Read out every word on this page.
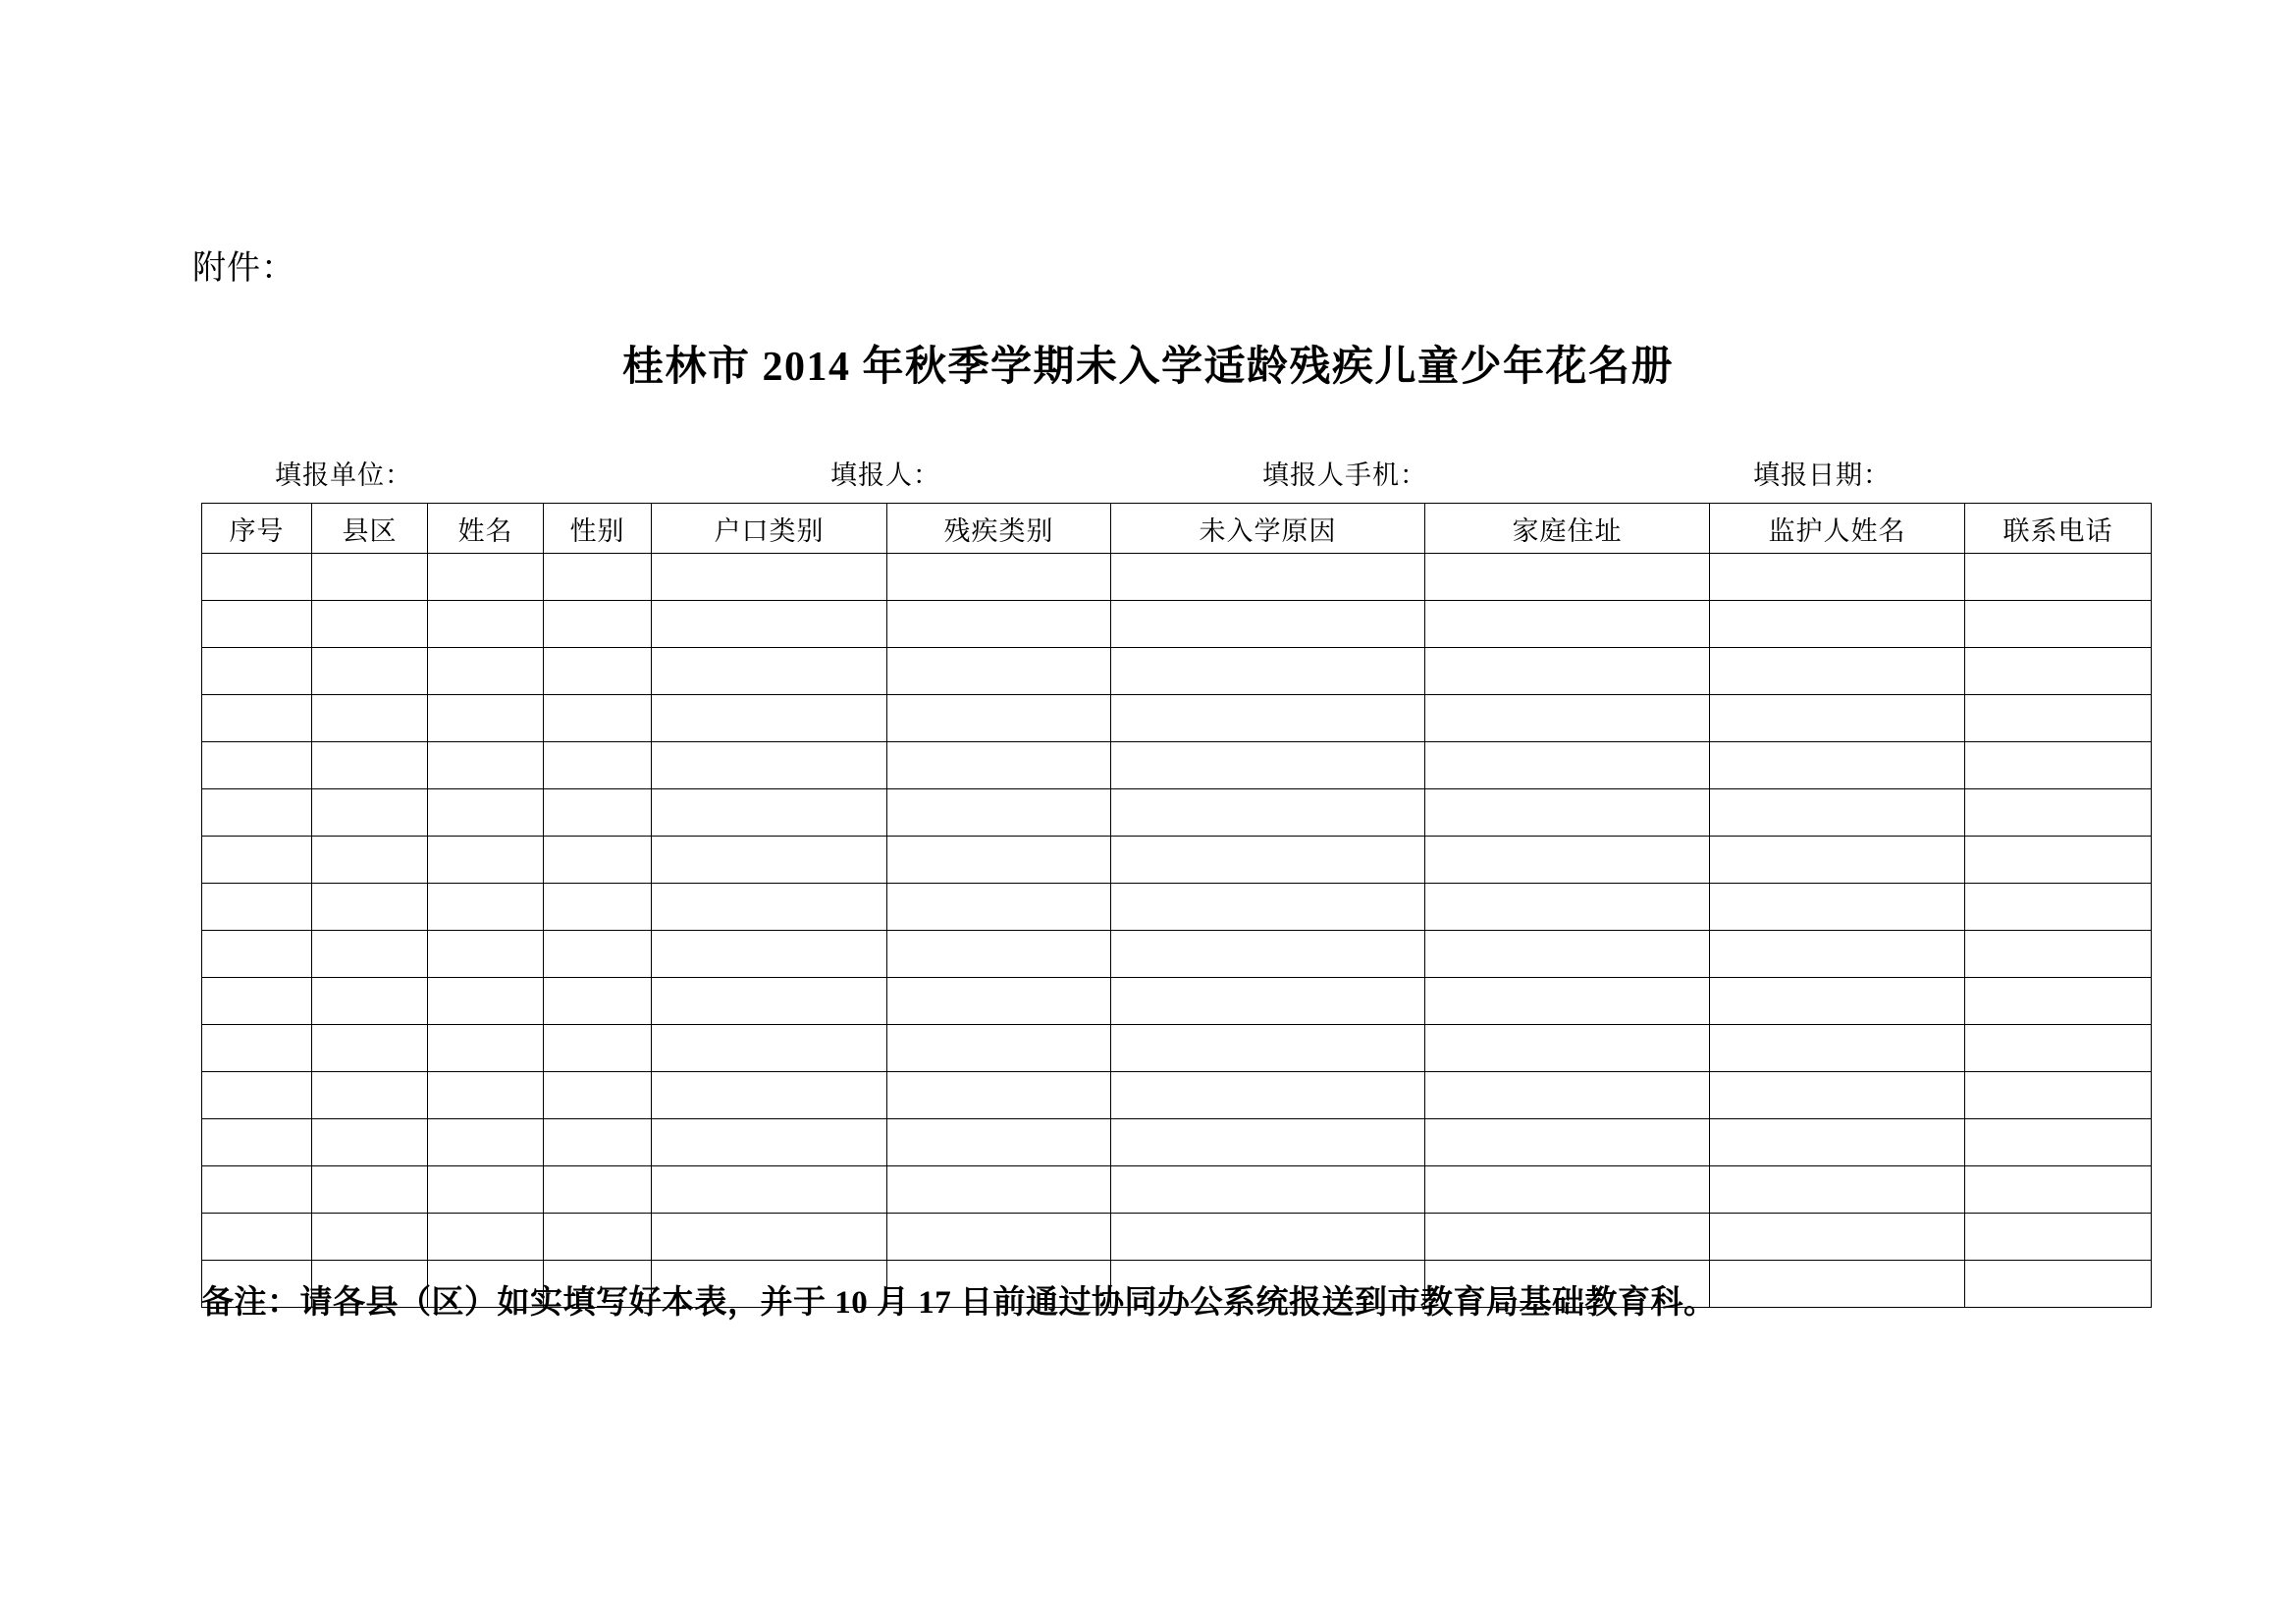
附件：
桂林市 2014 年秋季学期未入学适龄残疾儿童少年花名册
填报单位：	填报人：	填报人手机：	填报日期：
序号	县区	姓名	性别	户口类别	残疾类别	未入学原因	家庭住址	监护人姓名	联系电话

备注：请各县（区）如实填写好本表，并于 10 月 17 日前通过协同办公系统报送到市教育局基础教育科。
